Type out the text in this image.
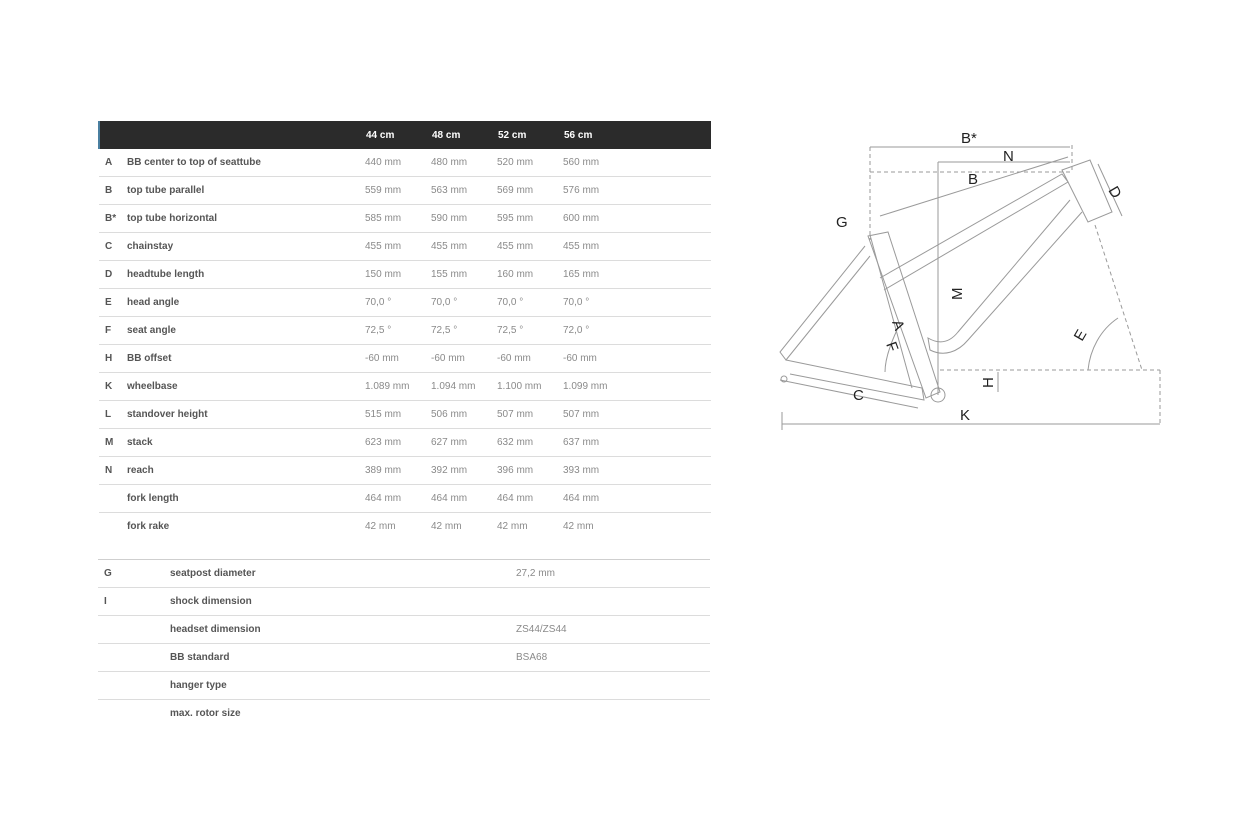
		44 cm	48 cm	52 cm	56 cm	
A	BB center to top of seattube	440 mm	480 mm	520 mm	560 mm	
B	top tube parallel	559 mm	563 mm	569 mm	576 mm	
B*	top tube horizontal	585 mm	590 mm	595 mm	600 mm	
C	chainstay	455 mm	455 mm	455 mm	455 mm	
D	headtube length	150 mm	155 mm	160 mm	165 mm	
E	head angle	70,0 °	70,0 °	70,0 °	70,0 °	
F	seat angle	72,5 °	72,5 °	72,5 °	72,0 °	
H	BB offset	-60 mm	-60 mm	-60 mm	-60 mm	
K	wheelbase	1.089 mm	1.094 mm	1.100 mm	1.099 mm	
L	standover height	515 mm	506 mm	507 mm	507 mm	
M	stack	623 mm	627 mm	632 mm	637 mm	
N	reach	389 mm	392 mm	396 mm	393 mm	
	fork length	464 mm	464 mm	464 mm	464 mm	
	fork rake	42 mm	42 mm	42 mm	42 mm	
G	seatpost diameter	27,2 mm
I	shock dimension	
	headset dimension	ZS44/ZS44
	BB standard	BSA68
	hanger type	
	max. rotor size	
B*
N
B
D
G
M
A
F
E
H
C
K
